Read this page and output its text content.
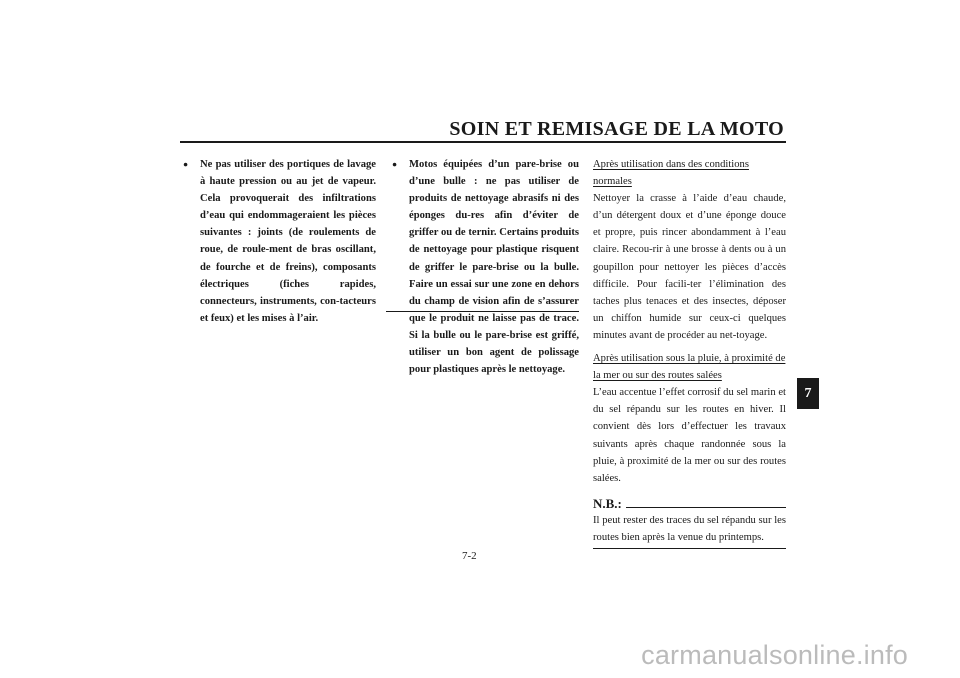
SOIN ET REMISAGE DE LA MOTO
●	Ne pas utiliser des portiques de lavage à haute pression ou au jet de vapeur. Cela provoquerait des infiltrations d’eau qui endommageraient les pièces suivantes : joints (de roulements de roue, de roule-ment de bras oscillant, de fourche et de freins), composants électriques (fiches rapides, connecteurs, instruments, con-tacteurs et feux) et les mises à l’air.
●	Motos équipées d’un pare-brise ou d’une bulle : ne pas utiliser de produits de nettoyage abrasifs ni des éponges du-res afin d’éviter de griffer ou de ternir. Certains produits de nettoyage pour plastique risquent de griffer le pare-brise ou la bulle. Faire un essai sur une zone en dehors du champ de vision afin de s’assurer que le produit ne laisse pas de trace. Si la bulle ou le pare-brise est griffé, utiliser un bon agent de polissage pour plastiques après le nettoyage.
Après utilisation dans des conditions normales
Nettoyer la crasse à l’aide d’eau chaude, d’un détergent doux et d’une éponge douce et propre, puis rincer abondamment à l’eau claire. Recou-rir à une brosse à dents ou à un goupillon pour nettoyer les pièces d’accès difficile. Pour facili-ter l’élimination des taches plus tenaces et des insectes, déposer un chiffon humide sur ceux-ci quelques minutes avant de procéder au net-toyage.
Après utilisation sous la pluie, à proximité de la mer ou sur des routes salées
L’eau accentue l’effet corrosif du sel marin et du sel répandu sur les routes en hiver. Il convient dès lors d’effectuer les travaux suivants après chaque randonnée sous la pluie, à proximité de la mer ou sur des routes salées.
N.B.:
Il peut rester des traces du sel répandu sur les routes bien après la venue du printemps.
7
7-2
carmanualsonline.info
